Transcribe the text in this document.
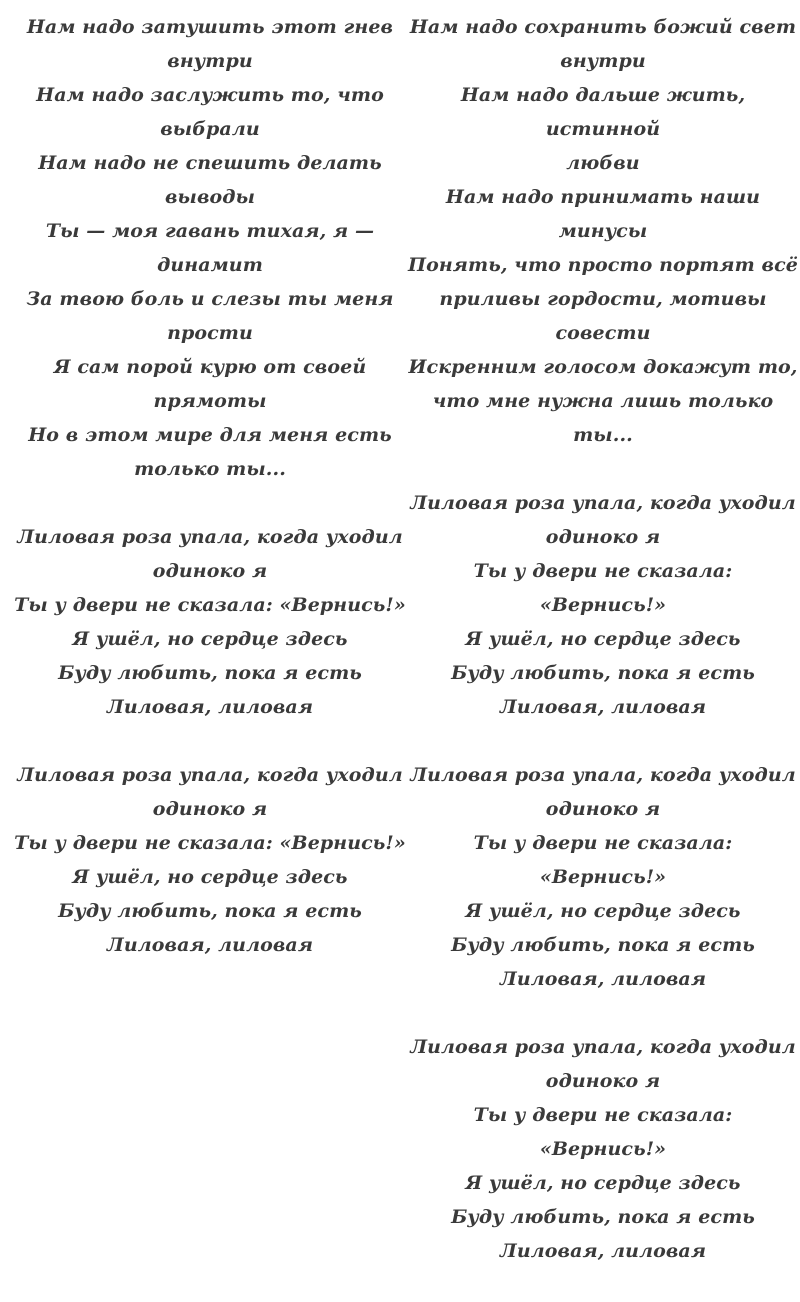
Нам надо затушить этот гнев
внутри
Нам надо заслужить то, что
выбрали
Нам надо не спешить делать
выводы
Ты — моя гавань тихая, я —
динамит
За твою боль и слезы ты меня
прости
Я сам порой курю от своей прямоты
Но в этом мире для меня есть
только ты...
Лиловая роза упала, когда уходил
одиноко я
Ты у двери не сказала: «Вернись!»
Я ушёл, но сердце здесь
Буду любить, пока я есть
Лиловая, лиловая
Лиловая роза упала, когда уходил
одиноко я
Ты у двери не сказала: «Вернись!»
Я ушёл, но сердце здесь
Буду любить, пока я есть
Лиловая, лиловая
Нам надо сохранить божий свет
внутри
Нам надо дальше жить, истинной
любви
Нам надо принимать наши минусы
Понять, что просто портят всё
приливы гордости, мотивы совести
Искренним голосом докажут то,
что мне нужна лишь только ты...
Лиловая роза упала, когда уходил
одиноко я
Ты у двери не сказала: «Вернись!»
Я ушёл, но сердце здесь
Буду любить, пока я есть
Лиловая, лиловая
Лиловая роза упала, когда уходил
одиноко я
Ты у двери не сказала: «Вернись!»
Я ушёл, но сердце здесь
Буду любить, пока я есть
Лиловая, лиловая
Лиловая роза упала, когда уходил
одиноко я
Ты у двери не сказала: «Вернись!»
Я ушёл, но сердце здесь
Буду любить, пока я есть
Лиловая, лиловая
